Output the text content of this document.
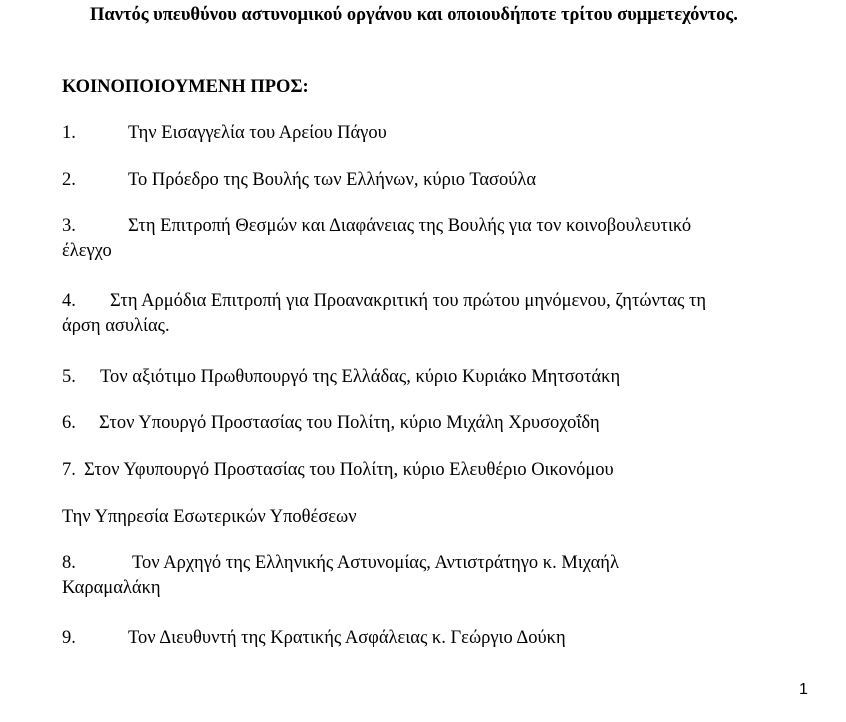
Παντός υπευθύνου αστυνομικού οργάνου και οποιουδήποτε τρίτου συμμετεχόντος.
ΚΟΙΝΟΠΟΙΟΥΜΕΝΗ ΠΡΟΣ:
1.	Την Εισαγγελία του Αρείου Πάγου
2.	Το Πρόεδρο της Βουλής των Ελλήνων, κύριο Τασούλα
3.	Στη Επιτροπή Θεσμών και Διαφάνειας της Βουλής για τον κοινοβουλευτικό
έλεγχο
4. Στη Αρμόδια Επιτροπή για Προανακριτική του πρώτου μηνόμενου, ζητώντας τη
άρση ασυλίας.
5. Τον αξιότιμο Πρωθυπουργό της Ελλάδας, κύριο Κυριάκο Μητσοτάκη
6. Στον Υπουργό Προστασίας του Πολίτη, κύριο Μιχάλη Χρυσοχοΐδη
7. Στον Υφυπουργό Προστασίας του Πολίτη, κύριο Ελευθέριο Οικονόμου
Την Υπηρεσία Εσωτερικών Υποθέσεων
8.	Τον Αρχηγό της Ελληνικής Αστυνομίας, Αντιστράτηγο κ. Μιχαήλ
Καραμαλάκη
9.	Τον Διευθυντή της Κρατικής Ασφάλειας κ. Γεώργιο Δούκη
1
